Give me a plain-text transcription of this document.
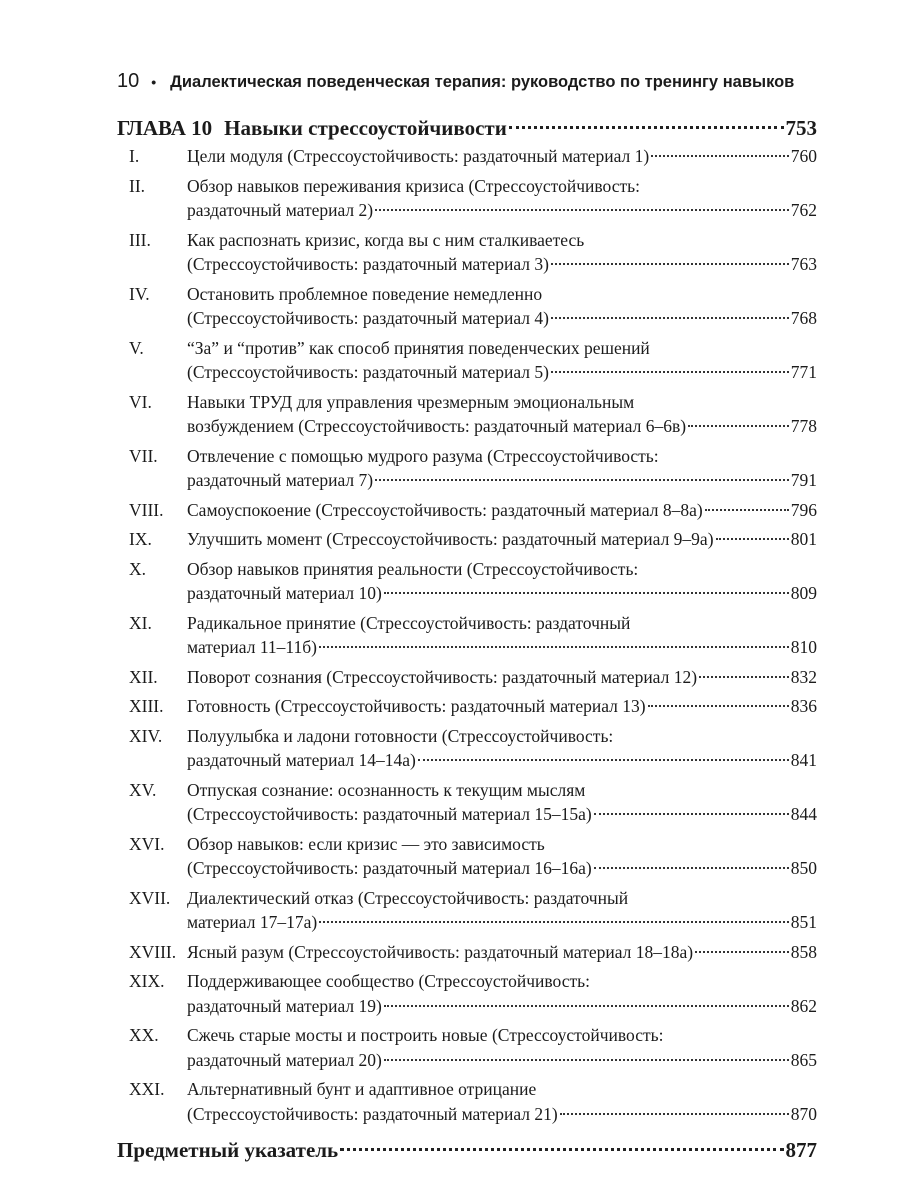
10 • Диалектическая поведенческая терапия: руководство по тренингу навыков
ГЛАВА 10 Навыки стрессоустойчивости	753
I.	Цели модуля (Стрессоустойчивость: раздаточный материал 1)	760
II.	Обзор навыков переживания кризиса (Стрессоустойчивость:
раздаточный материал 2)	762
III.	Как распознать кризис, когда вы с ним сталкиваетесь
(Стрессоустойчивость: раздаточный материал 3)	763
IV.	Остановить проблемное поведение немедленно
(Стрессоустойчивость: раздаточный материал 4)	768
V.	“За” и “против” как способ принятия поведенческих решений
(Стрессоустойчивость: раздаточный материал 5)	771
VI.	Навыки ТРУД для управления чрезмерным эмоциональным
возбуждением (Стрессоустойчивость: раздаточный материал 6–6в)	778
VII.	Отвлечение с помощью мудрого разума (Стрессоустойчивость:
раздаточный материал 7)	791
VIII.	Самоуспокоение (Стрессоустойчивость: раздаточный материал 8–8а)	796
IX.	Улучшить момент (Стрессоустойчивость: раздаточный материал 9–9а)	801
X.	Обзор навыков принятия реальности (Стрессоустойчивость:
раздаточный материал 10)	809
XI.	Радикальное принятие (Стрессоустойчивость: раздаточный
материал 11–11б)	810
XII.	Поворот сознания (Стрессоустойчивость: раздаточный материал 12)	832
XIII.	Готовность (Стрессоустойчивость: раздаточный материал 13)	836
XIV.	Полуулыбка и ладони готовности (Стрессоустойчивость:
раздаточный материал 14–14а)	841
XV.	Отпуская сознание: осознанность к текущим мыслям
(Стрессоустойчивость: раздаточный материал 15–15а)	844
XVI.	Обзор навыков: если кризис — это зависимость
(Стрессоустойчивость: раздаточный материал 16–16а)	850
XVII. Диалектический отказ (Стрессоустойчивость: раздаточный
материал 17–17а)	851
XVIII. Ясный разум (Стрессоустойчивость: раздаточный материал 18–18а)	858
XIX.	Поддерживающее сообщество (Стрессоустойчивость:
раздаточный материал 19)	862
XX.	Сжечь старые мосты и построить новые (Стрессоустойчивость:
раздаточный материал 20)	865
XXI.	Альтернативный бунт и адаптивное отрицание
(Стрессоустойчивость: раздаточный материал 21)	870
Предметный указатель	877
